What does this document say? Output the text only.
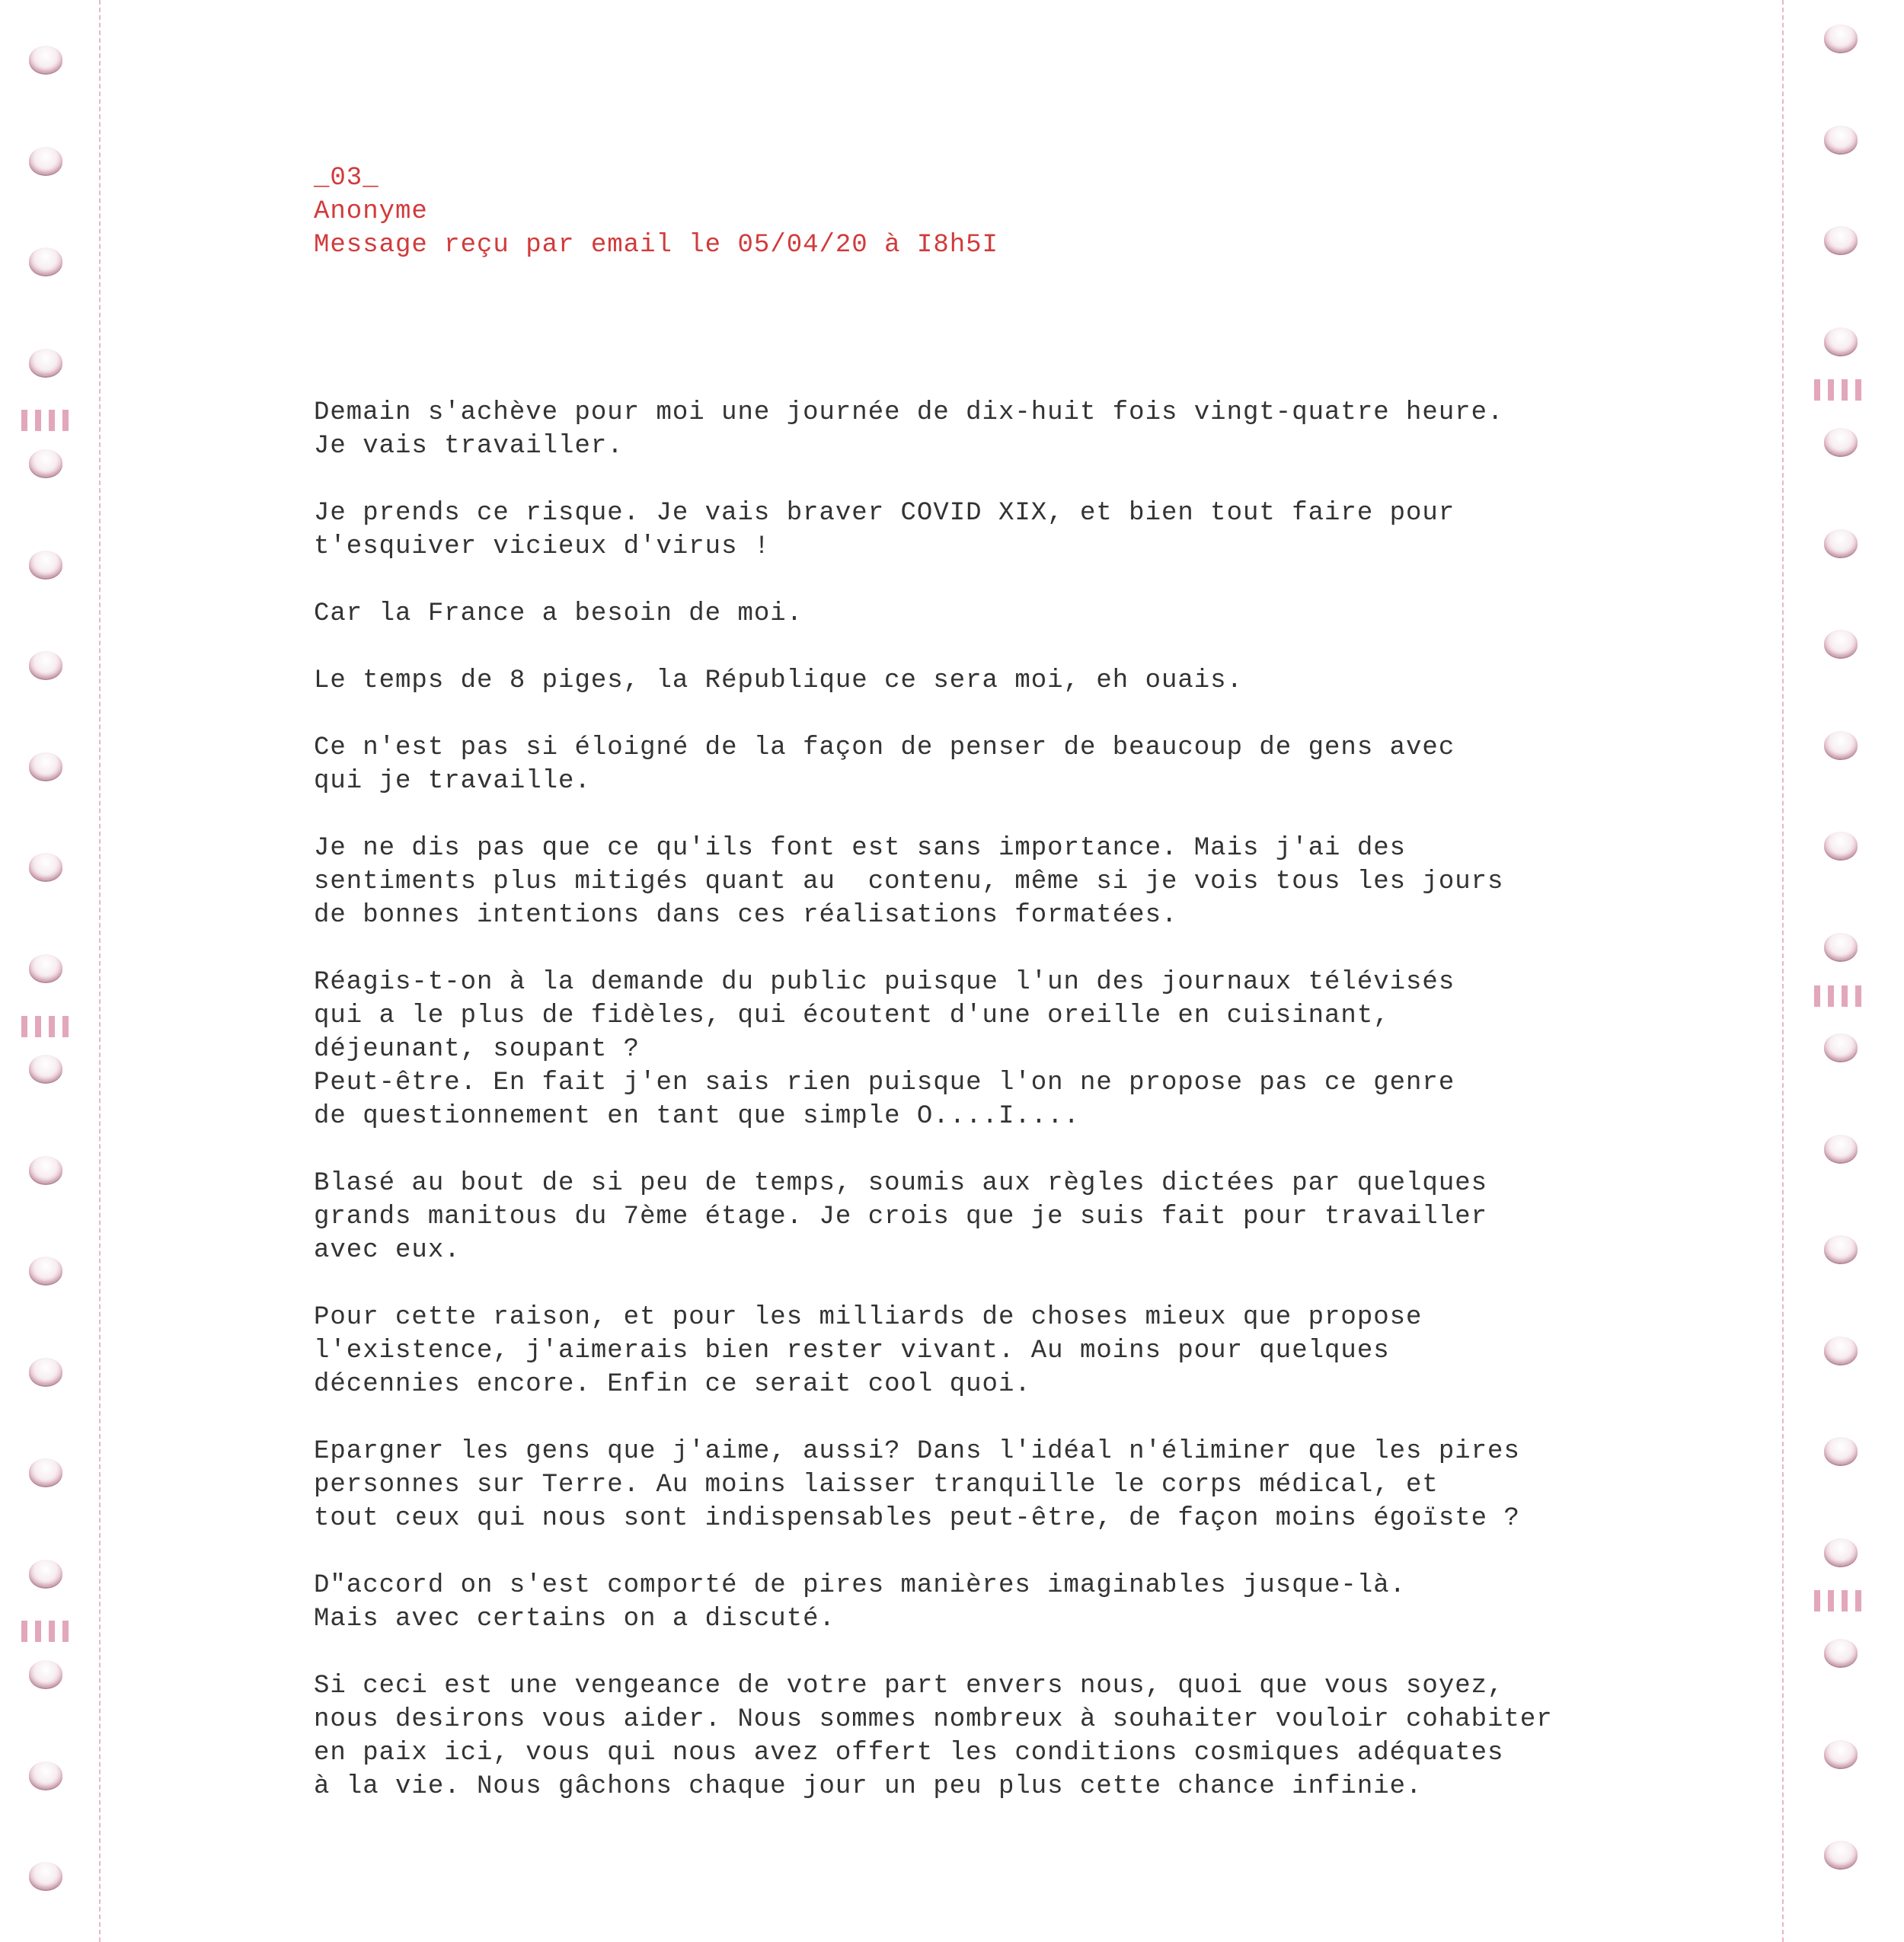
_03_
Anonyme
Message reçu par email le 05/04/20 à I8h5I
Demain s'achève pour moi une journée de dix-huit fois vingt-quatre heure.
Je vais travailler.
Je prends ce risque. Je vais braver COVID XIX, et bien tout faire pour
t'esquiver vicieux d'virus !
Car la France a besoin de moi.
Le temps de 8 piges, la République ce sera moi, eh ouais.
Ce n'est pas si éloigné de la façon de penser de beaucoup de gens avec
qui je travaille.
Je ne dis pas que ce qu'ils font est sans importance. Mais j'ai des
sentiments plus mitigés quant au  contenu, même si je vois tous les jours
de bonnes intentions dans ces réalisations formatées.
Réagis-t-on à la demande du public puisque l'un des journaux télévisés
qui a le plus de fidèles, qui écoutent d'une oreille en cuisinant,
déjeunant, soupant ?
Peut-être. En fait j'en sais rien puisque l'on ne propose pas ce genre
de questionnement en tant que simple O....I....
Blasé au bout de si peu de temps, soumis aux règles dictées par quelques
grands manitous du 7ème étage. Je crois que je suis fait pour travailler
avec eux.
Pour cette raison, et pour les milliards de choses mieux que propose
l'existence, j'aimerais bien rester vivant. Au moins pour quelques
décennies encore. Enfin ce serait cool quoi.
Epargner les gens que j'aime, aussi? Dans l'idéal n'éliminer que les pires
personnes sur Terre. Au moins laisser tranquille le corps médical, et
tout ceux qui nous sont indispensables peut-être, de façon moins égoïste ?
D"accord on s'est comporté de pires manières imaginables jusque-là.
Mais avec certains on a discuté.
Si ceci est une vengeance de votre part envers nous, quoi que vous soyez,
nous desirons vous aider. Nous sommes nombreux à souhaiter vouloir cohabiter
en paix ici, vous qui nous avez offert les conditions cosmiques adéquates
à la vie. Nous gâchons chaque jour un peu plus cette chance infinie.
